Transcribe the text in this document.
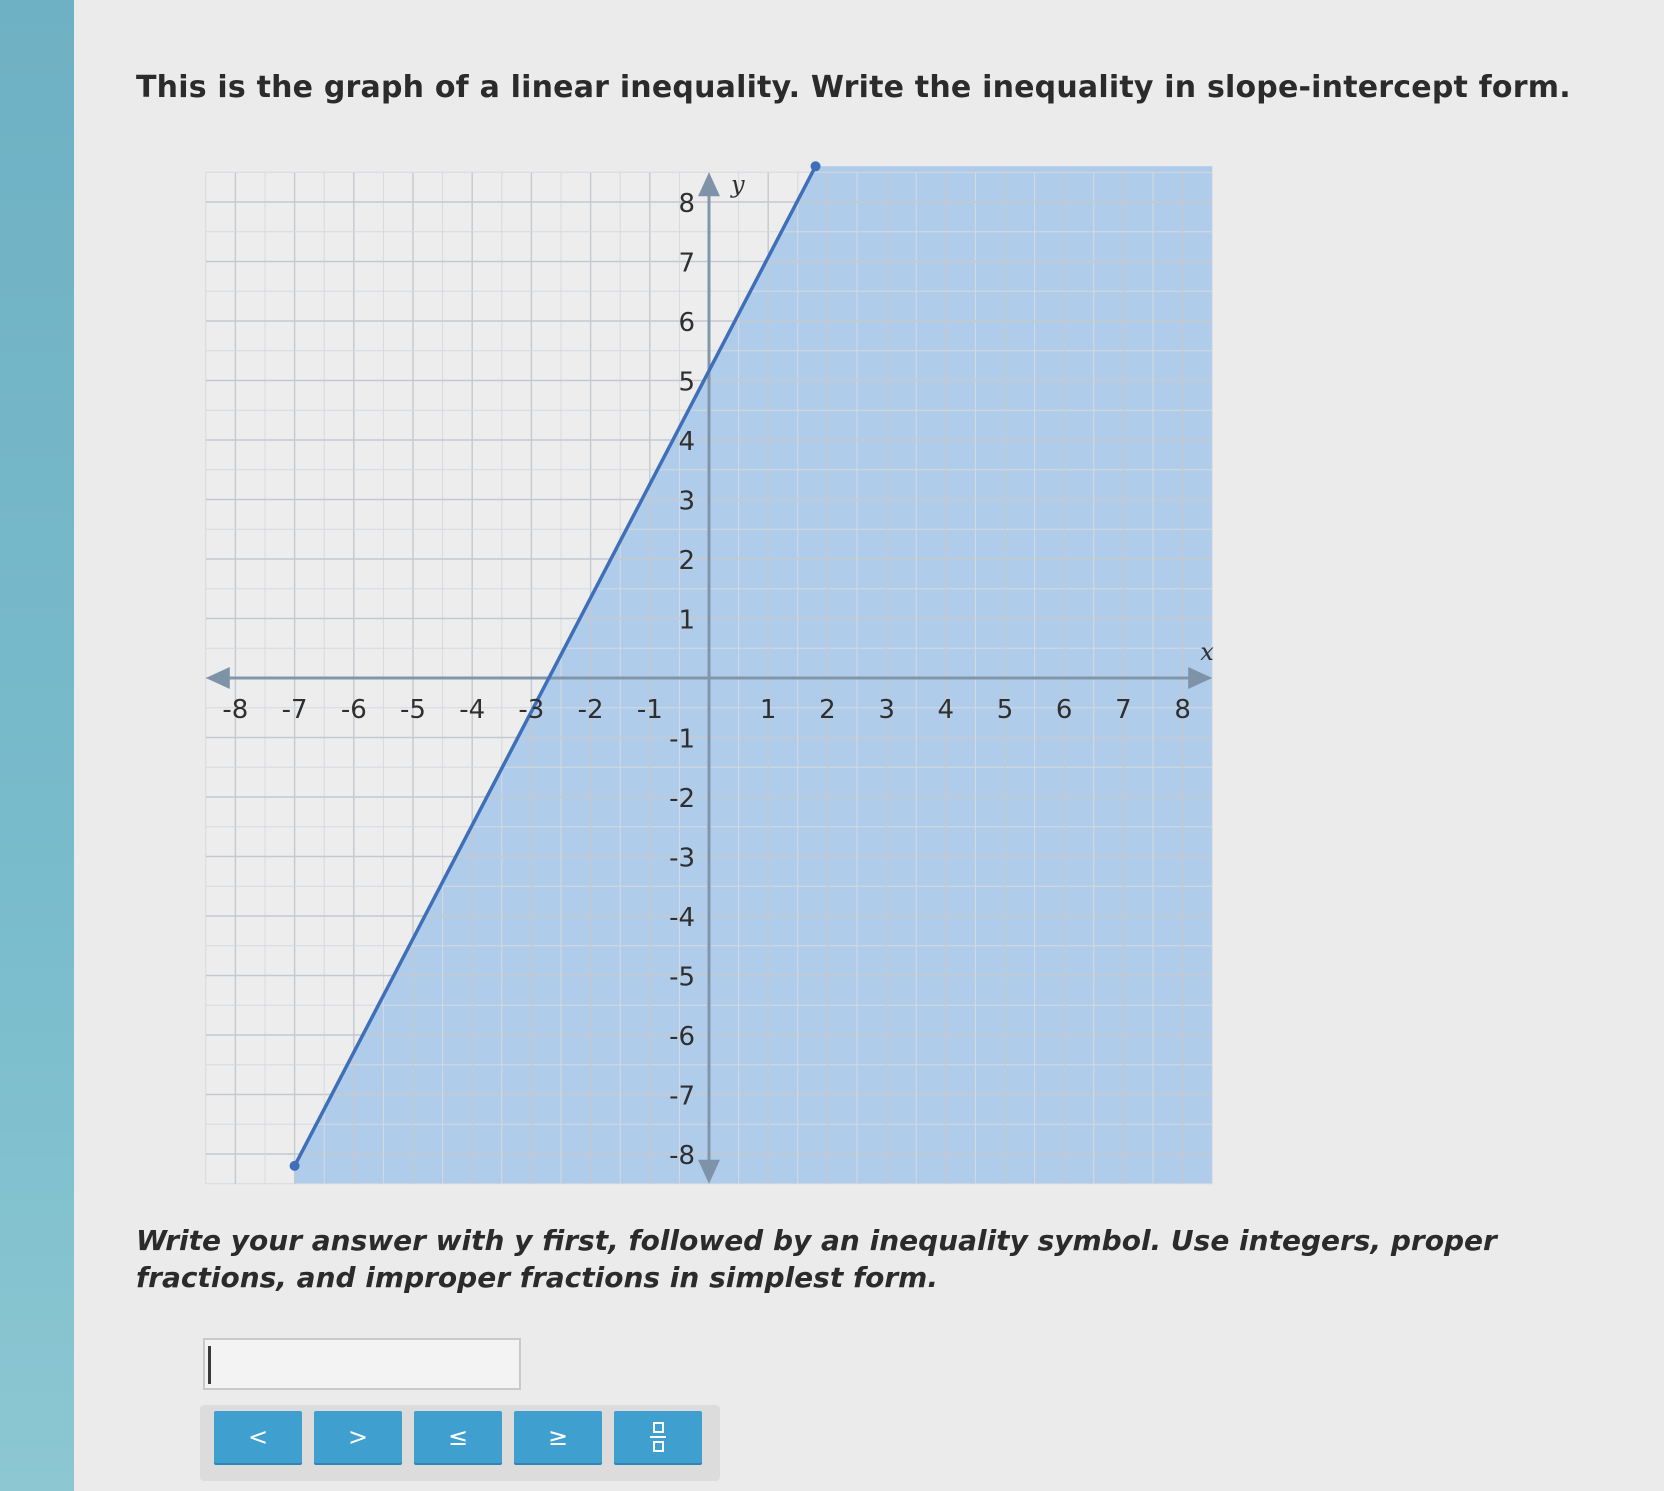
This is the graph of a linear inequality. Write the inequality in slope-intercept form.
-8 -7 -6 -5 -4 -3 -2 -1	1 2 3 4 5 6 7 8
8
7
6
5
4
3
2
1
-1
-2
-3
-4
-5
-6
-7
-8
x
y
Write your answer with y first, followed by an inequality symbol. Use integers, proper fractions, and improper fractions in simplest form.
<	>	≤	≥
